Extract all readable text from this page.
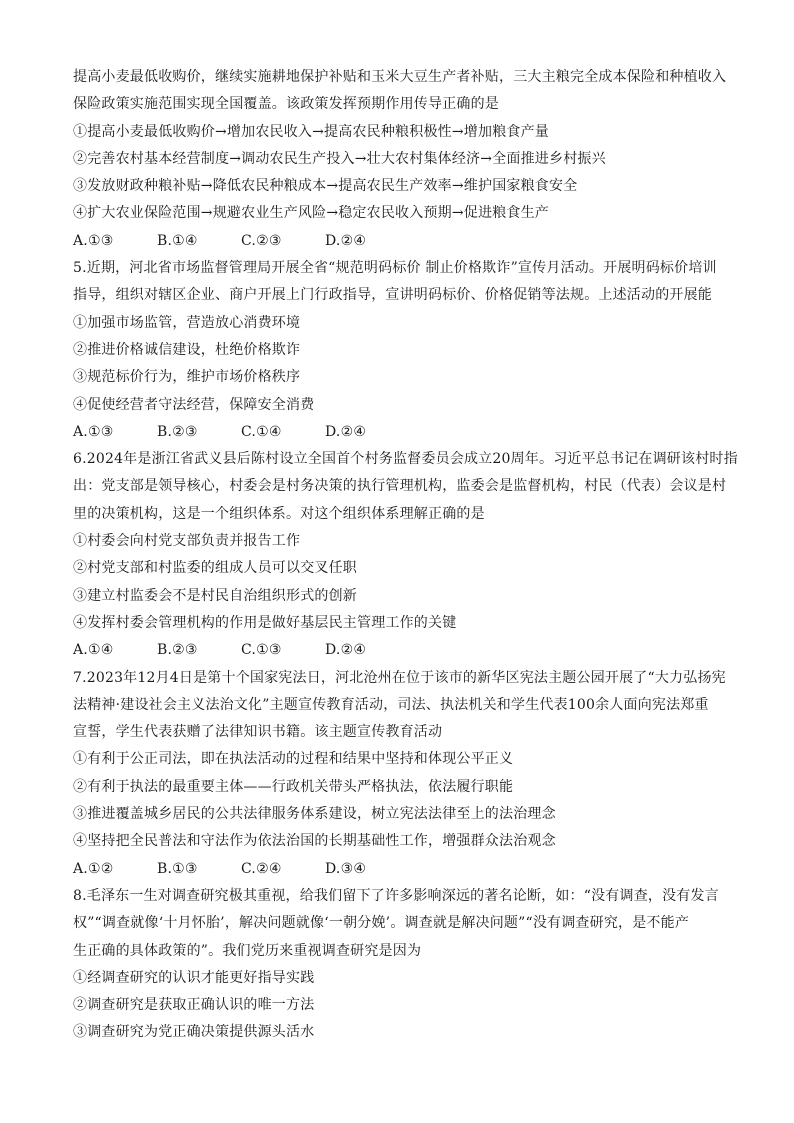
提高小麦最低收购价，继续实施耕地保护补贴和玉米大豆生产者补贴，三大主粮完全成本保险和种植收入
保险政策实施范围实现全国覆盖。该政策发挥预期作用传导正确的是
①提高小麦最低收购价→增加农民收入→提高农民种粮积极性→增加粮食产量
②完善农村基本经营制度→调动农民生产投入→壮大农村集体经济→全面推进乡村振兴
③发放财政种粮补贴→降低农民种粮成本→提高农民生产效率→维护国家粮食安全
④扩大农业保险范围→规避农业生产风险→稳定农民收入预期→促进粮食生产
A.①③	B.①④	C.②③	D.②④
5.近期，河北省市场监督管理局开展全省“规范明码标价 制止价格欺诈”宣传月活动。开展明码标价培训
指导，组织对辖区企业、商户开展上门行政指导，宣讲明码标价、价格促销等法规。上述活动的开展能
①加强市场监管，营造放心消费环境
②推进价格诚信建设，杜绝价格欺诈
③规范标价行为，维护市场价格秩序
④促使经营者守法经营，保障安全消费
A.①③	B.②③	C.①④	D.②④
6.2024年是浙江省武义县后陈村设立全国首个村务监督委员会成立20周年。习近平总书记在调研该村时指
出：党支部是领导核心，村委会是村务决策的执行管理机构，监委会是监督机构，村民（代表）会议是村
里的决策机构，这是一个组织体系。对这个组织体系理解正确的是
①村委会向村党支部负责并报告工作
②村党支部和村监委的组成人员可以交叉任职
③建立村监委会不是村民自治组织形式的创新
④发挥村委会管理机构的作用是做好基层民主管理工作的关键
A.①④	B.②③	C.①③	D.②④
7.2023年12月4日是第十个国家宪法日，河北沧州在位于该市的新华区宪法主题公园开展了“大力弘扬宪
法精神·建设社会主义法治文化”主题宣传教育活动，司法、执法机关和学生代表100余人面向宪法郑重
宣誓，学生代表获赠了法律知识书籍。该主题宣传教育活动
①有利于公正司法，即在执法活动的过程和结果中坚持和体现公平正义
②有利于执法的最重要主体——行政机关带头严格执法，依法履行职能
③推进覆盖城乡居民的公共法律服务体系建设，树立宪法法律至上的法治理念
④坚持把全民普法和守法作为依法治国的长期基础性工作，增强群众法治观念
A.①②	B.①③	C.②④	D.③④
8.毛泽东一生对调查研究极其重视，给我们留下了许多影响深远的著名论断，如：“没有调查，没有发言
权”“调查就像‘十月怀胎’，解决问题就像‘一朝分娩’。调查就是解决问题”“没有调查研究，是不能产
生正确的具体政策的”。我们党历来重视调查研究是因为
①经调查研究的认识才能更好指导实践
②调查研究是获取正确认识的唯一方法
③调查研究为党正确决策提供源头活水
